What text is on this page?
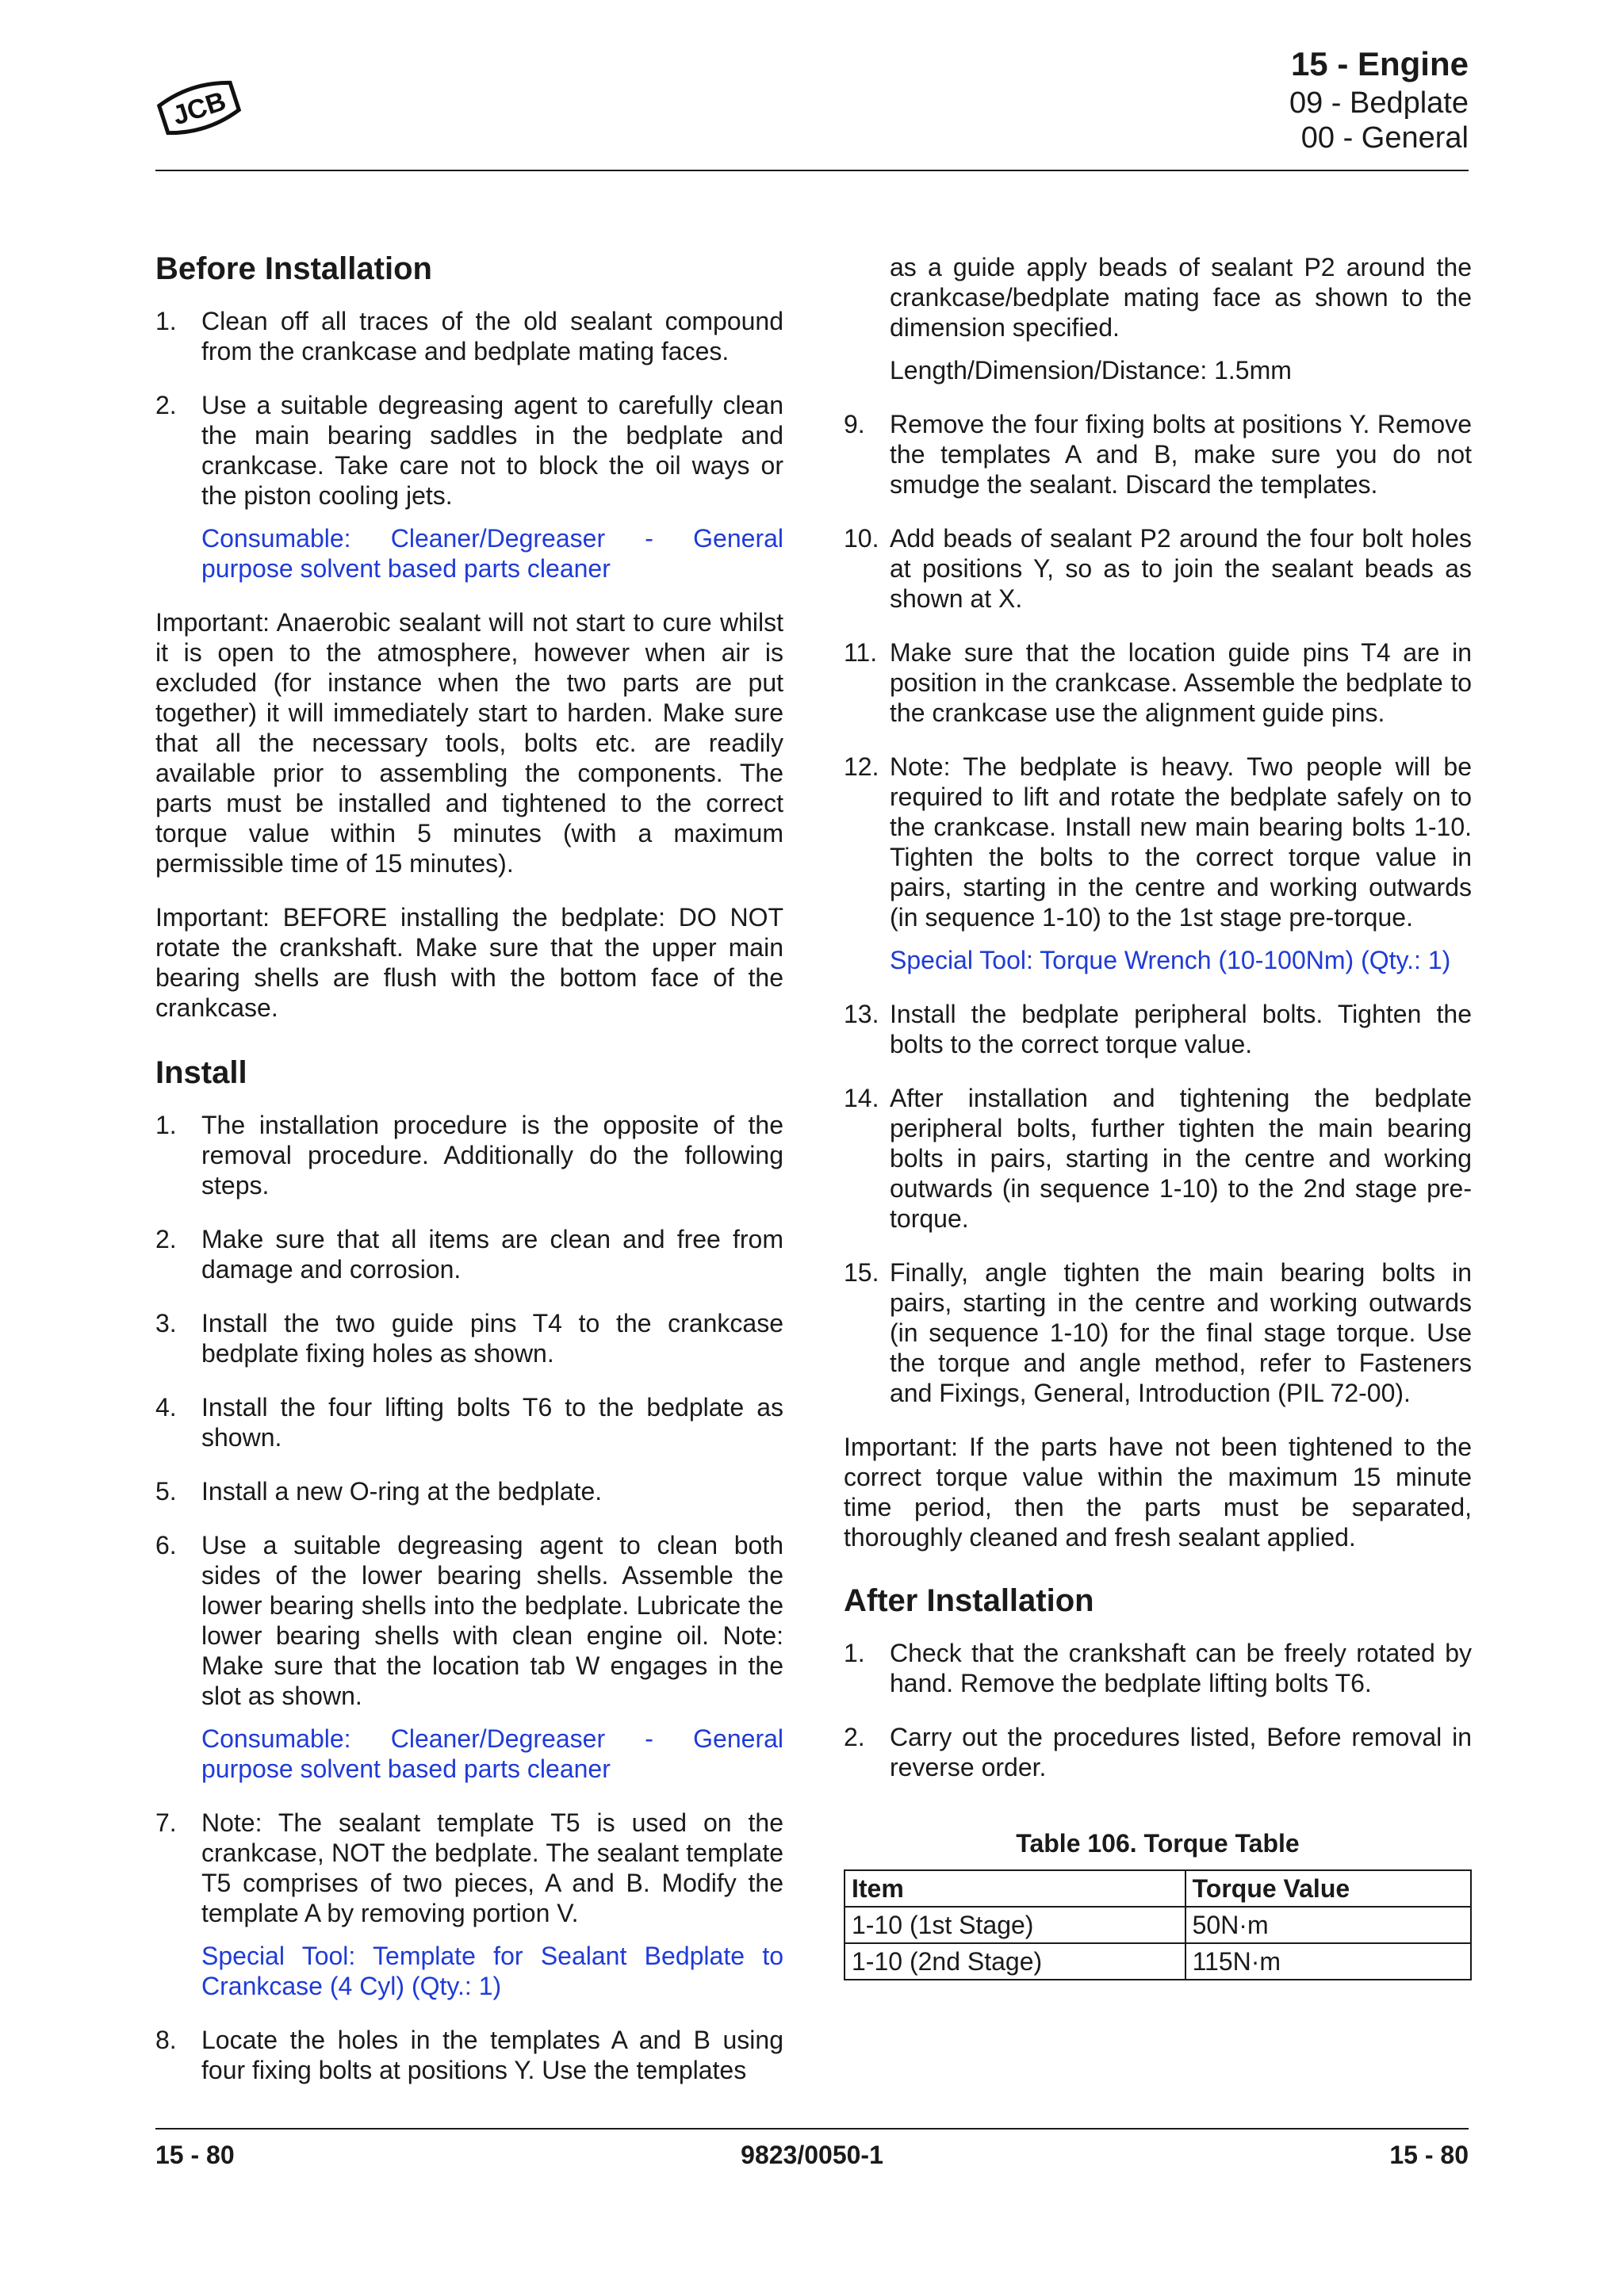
JCB
15 - Engine
09 - Bedplate
00 - General
Before Installation
1. Clean off all traces of the old sealant compound from the crankcase and bedplate mating faces.
2. Use a suitable degreasing agent to carefully clean the main bearing saddles in the bedplate and crankcase. Take care not to block the oil ways or the piston cooling jets.
Consumable: Cleaner/Degreaser - General purpose solvent based parts cleaner

Important: Anaerobic sealant will not start to cure whilst it is open to the atmosphere, however when air is excluded (for instance when the two parts are put together) it will immediately start to harden. Make sure that all the necessary tools, bolts etc. are readily available prior to assembling the components. The parts must be installed and tightened to the correct torque value within 5 minutes (with a maximum permissible time of 15 minutes).

Important: BEFORE installing the bedplate: DO NOT rotate the crankshaft. Make sure that the upper main bearing shells are flush with the bottom face of the crankcase.

Install
1. The installation procedure is the opposite of the removal procedure. Additionally do the following steps.
2. Make sure that all items are clean and free from damage and corrosion.
3. Install the two guide pins T4 to the crankcase bedplate fixing holes as shown.
4. Install the four lifting bolts T6 to the bedplate as shown.
5. Install a new O-ring at the bedplate.
6. Use a suitable degreasing agent to clean both sides of the lower bearing shells. Assemble the lower bearing shells into the bedplate. Lubricate the lower bearing shells with clean engine oil. Note: Make sure that the location tab W engages in the slot as shown.
Consumable: Cleaner/Degreaser - General purpose solvent based parts cleaner
7. Note: The sealant template T5 is used on the crankcase, NOT the bedplate. The sealant template T5 comprises of two pieces, A and B. Modify the template A by removing portion V.
Special Tool: Template for Sealant Bedplate to Crankcase (4 Cyl) (Qty.: 1)
8. Locate the holes in the templates A and B using four fixing bolts at positions Y. Use the templates
as a guide apply beads of sealant P2 around the crankcase/bedplate mating face as shown to the dimension specified.
Length/Dimension/Distance: 1.5mm
9. Remove the four fixing bolts at positions Y. Remove the templates A and B, make sure you do not smudge the sealant. Discard the templates.
10. Add beads of sealant P2 around the four bolt holes at positions Y, so as to join the sealant beads as shown at X.
11. Make sure that the location guide pins T4 are in position in the crankcase. Assemble the bedplate to the crankcase use the alignment guide pins.
12. Note: The bedplate is heavy. Two people will be required to lift and rotate the bedplate safely on to the crankcase. Install new main bearing bolts 1-10. Tighten the bolts to the correct torque value in pairs, starting in the centre and working outwards (in sequence 1-10) to the 1st stage pre-torque.
Special Tool: Torque Wrench (10-100Nm) (Qty.: 1)
13. Install the bedplate peripheral bolts. Tighten the bolts to the correct torque value.
14. After installation and tightening the bedplate peripheral bolts, further tighten the main bearing bolts in pairs, starting in the centre and working outwards (in sequence 1-10) to the 2nd stage pre-torque.
15. Finally, angle tighten the main bearing bolts in pairs, starting in the centre and working outwards (in sequence 1-10) for the final stage torque. Use the torque and angle method, refer to Fasteners and Fixings, General, Introduction (PIL 72-00).

Important: If the parts have not been tightened to the correct torque value within the maximum 15 minute time period, then the parts must be separated, thoroughly cleaned and fresh sealant applied.

After Installation
1. Check that the crankshaft can be freely rotated by hand. Remove the bedplate lifting bolts T6.
2. Carry out the procedures listed, Before removal in reverse order.
Table 106. Torque Table
Item	Torque Value
1-10 (1st Stage)	50N·m
1-10 (2nd Stage)	115N·m
15 - 80	9823/0050-1	15 - 80
